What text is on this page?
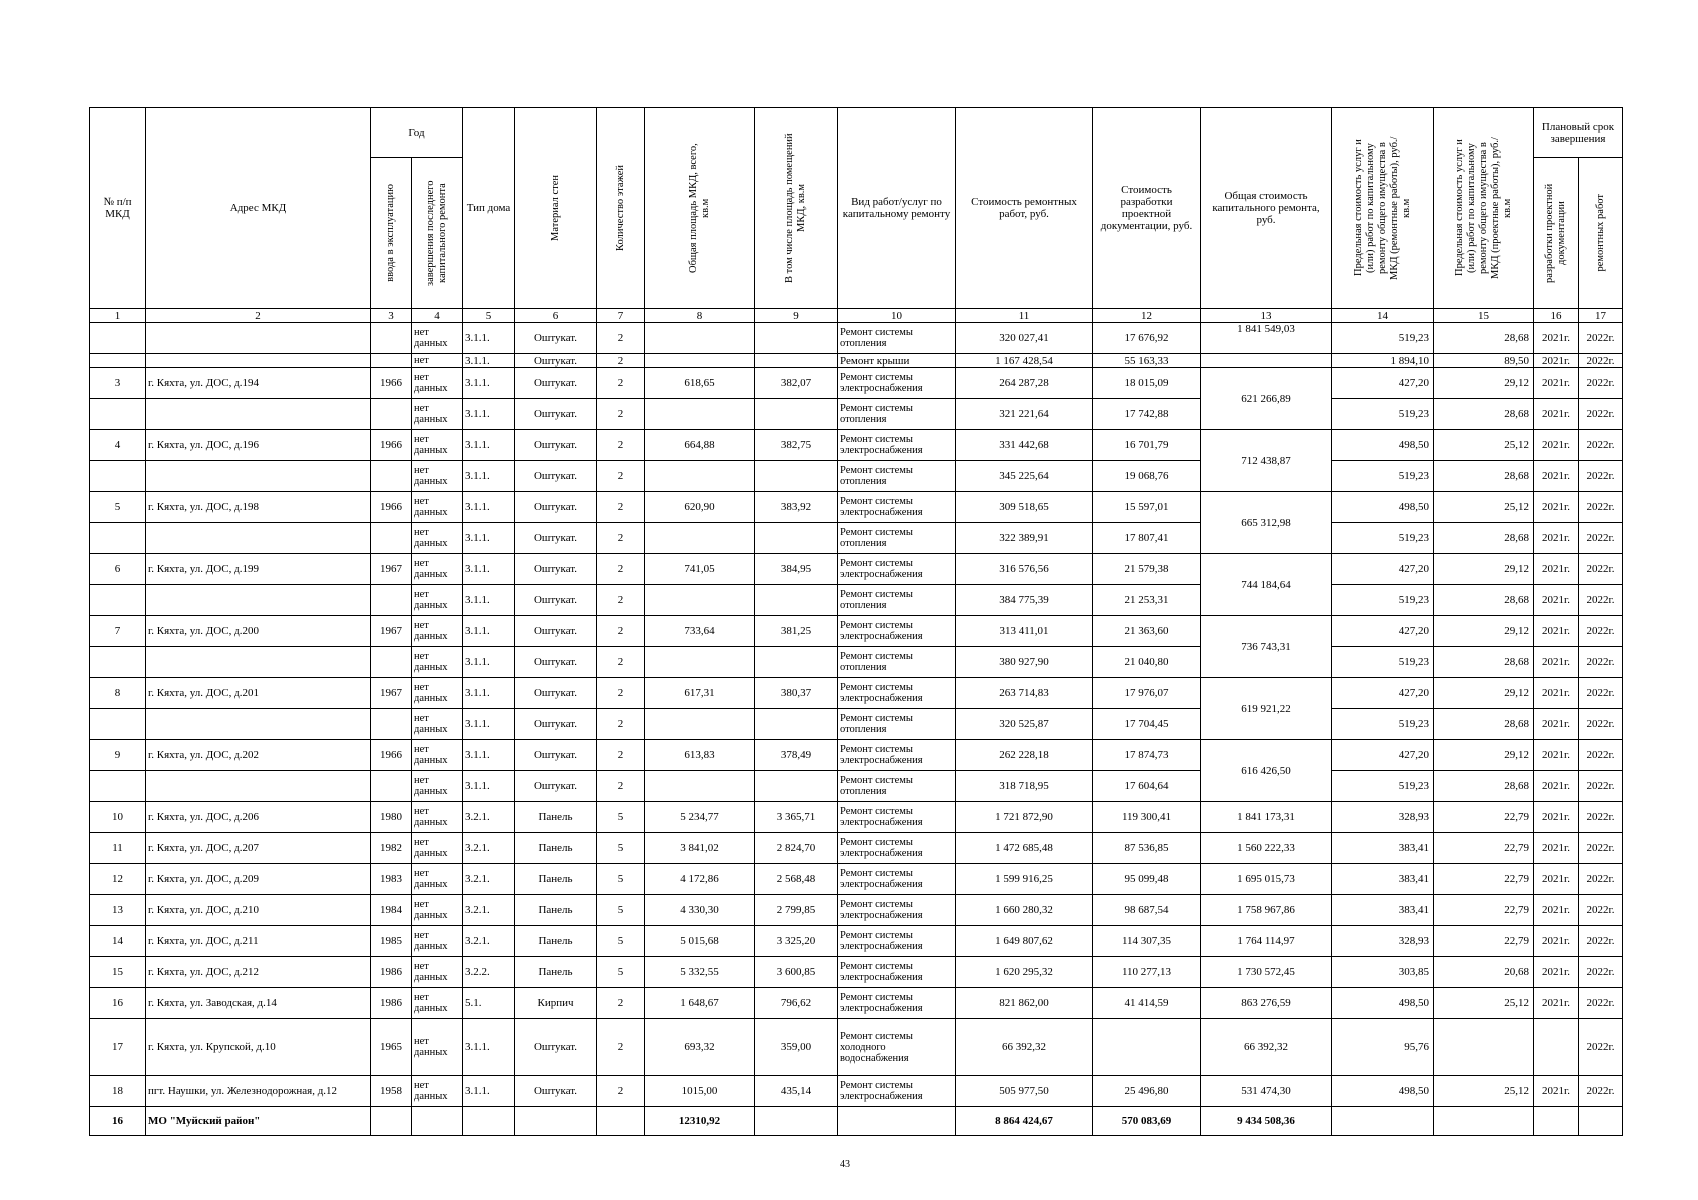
№ п/п МКД	Адрес МКД	Год		Тип дома	Материал стен	Количество этажей	Общая площадь МКД, всего, кв.м	В том числе площадь помещений МКД, кв.м	Вид работ/услуг по капитальному ремонту	Стоимость ремонтных работ, руб.	Стоимость разработки проектной документации, руб.	Общая стоимость капитального ремонта, руб.	Предельная стоимость услуг и (или) работ по капитальному ремонту общего имущества в МКД (ремонтные работы), руб./кв.м	Предельная стоимость услуг и (или) работ по капитальному ремонту общего имущества в МКД (проектные работы), руб./кв.м	Плановый срок завершения	

		ввода в эксплуатацию	завершения последнего капитального ремонта												разработки проектной документации	ремонтных работ

1	2	3	4	5	6	7	8	9	10	11	12	13	14	15	16	17
			нет данных	3.1.1.	Оштукат.	2			Ремонт системы отопления	320 027,41	17 676,92	1 841 549,03	519,23	28,68	2021г.	2022г.
			нет	3.1.1.	Оштукат.	2			Ремонт крыши	1 167 428,54	55 163,33		1 894,10	89,50	2021г.	2022г.
3	г. Кяхта, ул. ДОС, д.194	1966	нет данных	3.1.1.	Оштукат.	2	618,65	382,07	Ремонт системы электроснабжения	264 287,28	18 015,09	621 266,89	427,20	29,12	2021г.	2022г.
			нет данных	3.1.1.	Оштукат.	2			Ремонт системы отопления	321 221,64	17 742,88		519,23	28,68	2021г.	2022г.
4	г. Кяхта, ул. ДОС, д.196	1966	нет данных	3.1.1.	Оштукат.	2	664,88	382,75	Ремонт системы электроснабжения	331 442,68	16 701,79	712 438,87	498,50	25,12	2021г.	2022г.
			нет данных	3.1.1.	Оштукат.	2			Ремонт системы отопления	345 225,64	19 068,76		519,23	28,68	2021г.	2022г.
5	г. Кяхта, ул. ДОС, д.198	1966	нет данных	3.1.1.	Оштукат.	2	620,90	383,92	Ремонт системы электроснабжения	309 518,65	15 597,01	665 312,98	498,50	25,12	2021г.	2022г.
			нет данных	3.1.1.	Оштукат.	2			Ремонт системы отопления	322 389,91	17 807,41		519,23	28,68	2021г.	2022г.
6	г. Кяхта, ул. ДОС, д.199	1967	нет данных	3.1.1.	Оштукат.	2	741,05	384,95	Ремонт системы электроснабжения	316 576,56	21 579,38	744 184,64	427,20	29,12	2021г.	2022г.
			нет данных	3.1.1.	Оштукат.	2			Ремонт системы отопления	384 775,39	21 253,31		519,23	28,68	2021г.	2022г.
7	г. Кяхта, ул. ДОС, д.200	1967	нет данных	3.1.1.	Оштукат.	2	733,64	381,25	Ремонт системы электроснабжения	313 411,01	21 363,60	736 743,31	427,20	29,12	2021г.	2022г.
			нет данных	3.1.1.	Оштукат.	2			Ремонт системы отопления	380 927,90	21 040,80		519,23	28,68	2021г.	2022г.
8	г. Кяхта, ул. ДОС, д.201	1967	нет данных	3.1.1.	Оштукат.	2	617,31	380,37	Ремонт системы электроснабжения	263 714,83	17 976,07	619 921,22	427,20	29,12	2021г.	2022г.
			нет данных	3.1.1.	Оштукат.	2			Ремонт системы отопления	320 525,87	17 704,45		519,23	28,68	2021г.	2022г.
9	г. Кяхта, ул. ДОС, д.202	1966	нет данных	3.1.1.	Оштукат.	2	613,83	378,49	Ремонт системы электроснабжения	262 228,18	17 874,73	616 426,50	427,20	29,12	2021г.	2022г.
			нет данных	3.1.1.	Оштукат.	2			Ремонт системы отопления	318 718,95	17 604,64		519,23	28,68	2021г.	2022г.
10	г. Кяхта, ул. ДОС, д.206	1980	нет данных	3.2.1.	Панель	5	5 234,77	3 365,71	Ремонт системы электроснабжения	1 721 872,90	119 300,41	1 841 173,31	328,93	22,79	2021г.	2022г.
11	г. Кяхта, ул. ДОС, д.207	1982	нет данных	3.2.1.	Панель	5	3 841,02	2 824,70	Ремонт системы электроснабжения	1 472 685,48	87 536,85	1 560 222,33	383,41	22,79	2021г.	2022г.
12	г. Кяхта, ул. ДОС, д.209	1983	нет данных	3.2.1.	Панель	5	4 172,86	2 568,48	Ремонт системы электроснабжения	1 599 916,25	95 099,48	1 695 015,73	383,41	22,79	2021г.	2022г.
13	г. Кяхта, ул. ДОС, д.210	1984	нет данных	3.2.1.	Панель	5	4 330,30	2 799,85	Ремонт системы электроснабжения	1 660 280,32	98 687,54	1 758 967,86	383,41	22,79	2021г.	2022г.
14	г. Кяхта, ул. ДОС, д.211	1985	нет данных	3.2.1.	Панель	5	5 015,68	3 325,20	Ремонт системы электроснабжения	1 649 807,62	114 307,35	1 764 114,97	328,93	22,79	2021г.	2022г.
15	г. Кяхта, ул. ДОС, д.212	1986	нет данных	3.2.2.	Панель	5	5 332,55	3 600,85	Ремонт системы электроснабжения	1 620 295,32	110 277,13	1 730 572,45	303,85	20,68	2021г.	2022г.
16	г. Кяхта, ул. Заводская, д.14	1986	нет данных	5.1.	Кирпич	2	1 648,67	796,62	Ремонт системы электроснабжения	821 862,00	41 414,59	863 276,59	498,50	25,12	2021г.	2022г.
17	г. Кяхта, ул. Крупской, д.10	1965	нет данных	3.1.1.	Оштукат.	2	693,32	359,00	Ремонт системы холодного водоснабжения	66 392,32		66 392,32	95,76			2022г.
18	пгт. Наушки, ул. Железнодорожная, д.12	1958	нет данных	3.1.1.	Оштукат.	2	1015,00	435,14	Ремонт системы электроснабжения	505 977,50	25 496,80	531 474,30	498,50	25,12	2021г.	2022г.
16	МО "Муйский район"						12310,92			8 864 424,67	570 083,69	9 434 508,36				
43
